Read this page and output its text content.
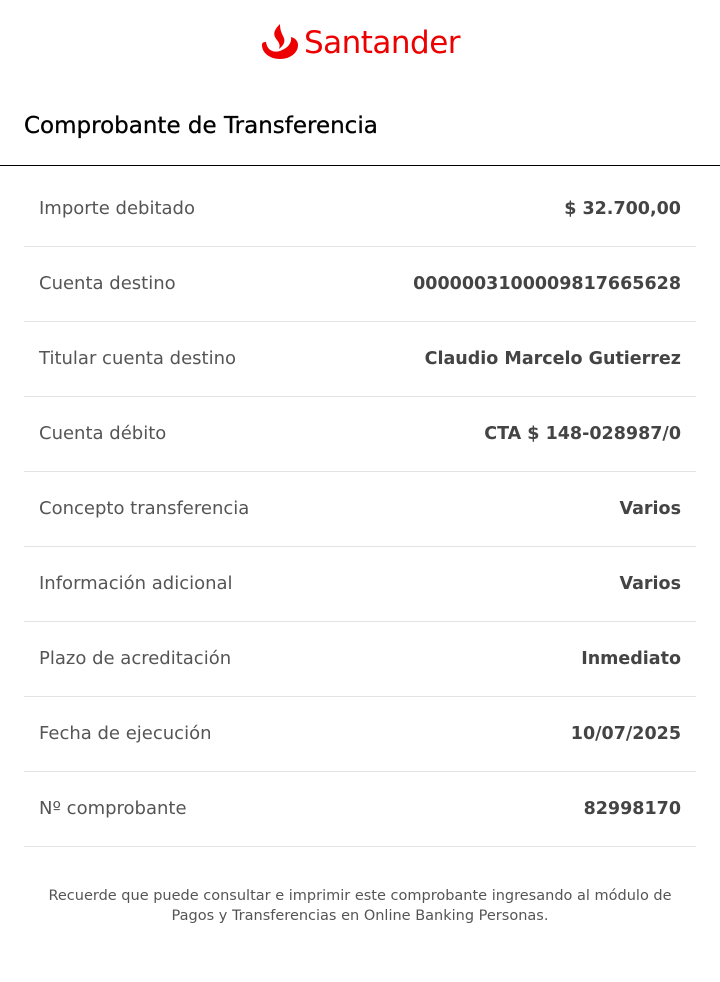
Santander
Comprobante de Transferencia
Importe debitado	$ 32.700,00
Cuenta destino	0000003100009817665628
Titular cuenta destino	Claudio Marcelo Gutierrez
Cuenta débito	CTA $ 148-028987/0
Concepto transferencia	Varios
Información adicional	Varios
Plazo de acreditación	Inmediato
Fecha de ejecución	10/07/2025
Nº comprobante	82998170

Recuerde que puede consultar e imprimir este comprobante ingresando al módulo de Pagos y Transferencias en Online Banking Personas.
